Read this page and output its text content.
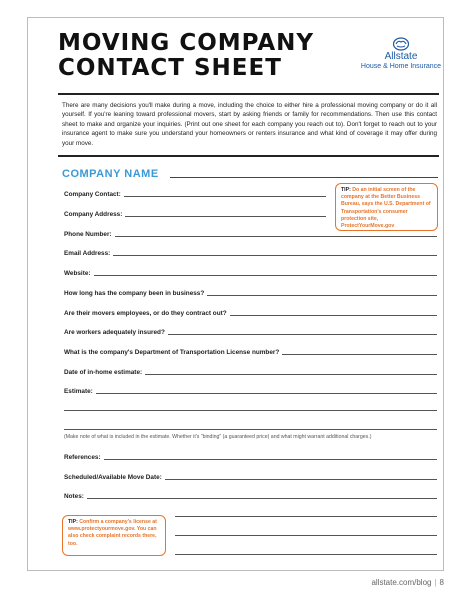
MOVING COMPANY
CONTACT SHEET	Allstate
House & Home Insurance
There are many decisions you'll make during a move, including the choice to either hire a professional moving company or do it all yourself. If you're leaning toward professional movers, start by asking friends or family for recommendations. Then use this contact sheet to make and organize your inquiries. (Print out one sheet for each company you reach out to). Don't forget to reach out to your insurance agent to make sure you understand your homeowners or renters insurance and what kind of coverage it may offer during your move.
COMPANY NAME
Company Contact:
Company Address:
TIP: Do an initial screen of the company at the Better Business Bureau, says the U.S. Department of Transportation's consumer protection site, ProtectYourMove.gov
Phone Number:
Email Address:
Website:
How long has the company been in business?
Are their movers employees, or do they contract out?
Are workers adequately insured?
What is the company's Department of Transportation License number?
Date of in-home estimate:
Estimate:
(Make note of what is included in the estimate. Whether it's "binding" (a guaranteed price) and what might warrant additional charges.)
References:
Scheduled/Available Move Date:
Notes:
TIP: Confirm a company's license at www.protectyourmove.gov. You can also check complaint records there, too.
allstate.com/blog | 8
